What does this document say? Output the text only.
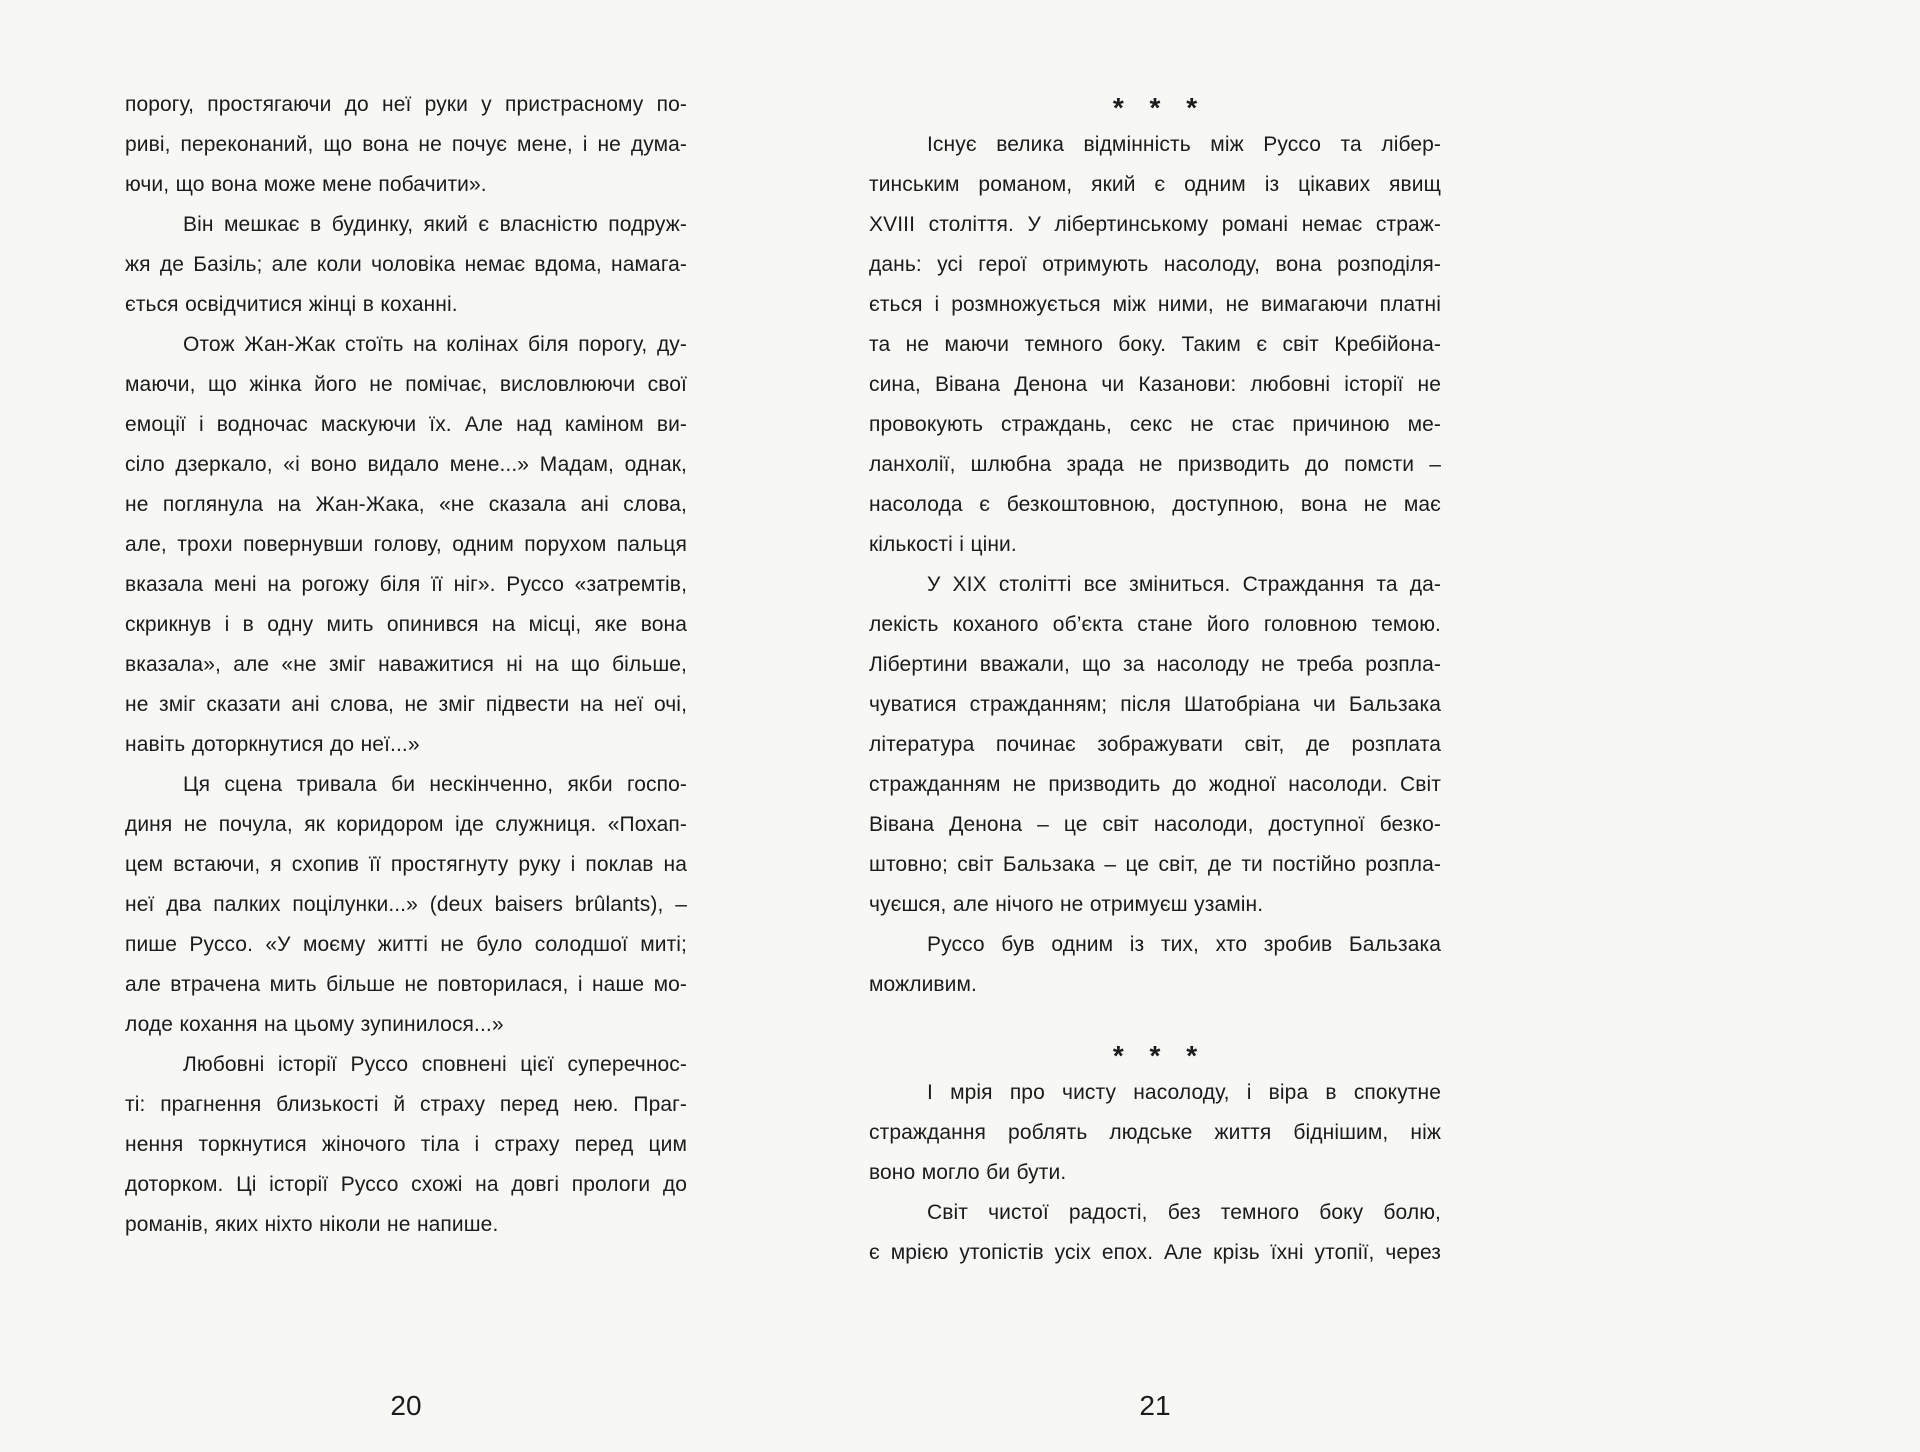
порогу, простягаючи до неї руки у пристрасному по-
риві, переконаний, що вона не почує мене, і не дума-
ючи, що вона може мене побачити».
Він мешкає в будинку, який є власністю подруж-
жя де Базіль; але коли чоловіка немає вдома, намага-
ється освідчитися жінці в коханні.
Отож Жан-Жак стоїть на колінах біля порогу, ду-
маючи, що жінка його не помічає, висловлюючи свої
емоції і водночас маскуючи їх. Але над каміном ви-
сіло дзеркало, «і воно видало мене...» Мадам, однак,
не поглянула на Жан-Жака, «не сказала ані слова,
але, трохи повернувши голову, одним порухом пальця
вказала мені на рогожу біля її ніг». Руссо «затремтів,
скрикнув і в одну мить опинився на місці, яке вона
вказала», але «не зміг наважитися ні на що більше,
не зміг сказати ані слова, не зміг підвести на неї очі,
навіть доторкнутися до неї...»
Ця сцена тривала би нескінченно, якби госпо-
диня не почула, як коридором іде служниця. «Похап-
цем встаючи, я схопив її простягнуту руку і поклав на
неї два палких поцілунки...» (deux baisers brûlants), –
пише Руссо. «У моєму житті не було солодшої миті;
але втрачена мить більше не повторилася, і наше мо-
лоде кохання на цьому зупинилося...»
Любовні історії Руссо сповнені цієї суперечнос-
ті: прагнення близькості й страху перед нею. Праг-
нення торкнутися жіночого тіла і страху перед цим
доторком. Ці історії Руссо схожі на довгі прологи до
романів, яких ніхто ніколи не напише.
20
* * *
Існує велика відмінність між Руссо та лібер-
тинським романом, який є одним із цікавих явищ
XVIII століття. У лібертинському романі немає страж-
дань: усі герої отримують насолоду, вона розподіля-
ється і розмножується між ними, не вимагаючи платні
та не маючи темного боку. Таким є світ Кребійона-
сина, Вівана Денона чи Казанови: любовні історії не
провокують страждань, секс не стає причиною ме-
ланхолії, шлюбна зрада не призводить до помсти –
насолода є безкоштовною, доступною, вона не має
кількості і ціни.
У XIX столітті все зміниться. Страждання та да-
лекість коханого об’єкта стане його головною темою.
Лібертини вважали, що за насолоду не треба розпла-
чуватися стражданням; після Шатобріана чи Бальзака
література починає зображувати світ, де розплата
стражданням не призводить до жодної насолоди. Світ
Вівана Денона – це світ насолоди, доступної безко-
штовно; світ Бальзака – це світ, де ти постійно розпла-
чуєшся, але нічого не отримуєш узамін.
Руссо був одним із тих, хто зробив Бальзака
можливим.
* * *
І мрія про чисту насолоду, і віра в спокутне
страждання роблять людське життя біднішим, ніж
воно могло би бути.
Світ чистої радості, без темного боку болю,
є мрією утопістів усіх епох. Але крізь їхні утопії, через
21
